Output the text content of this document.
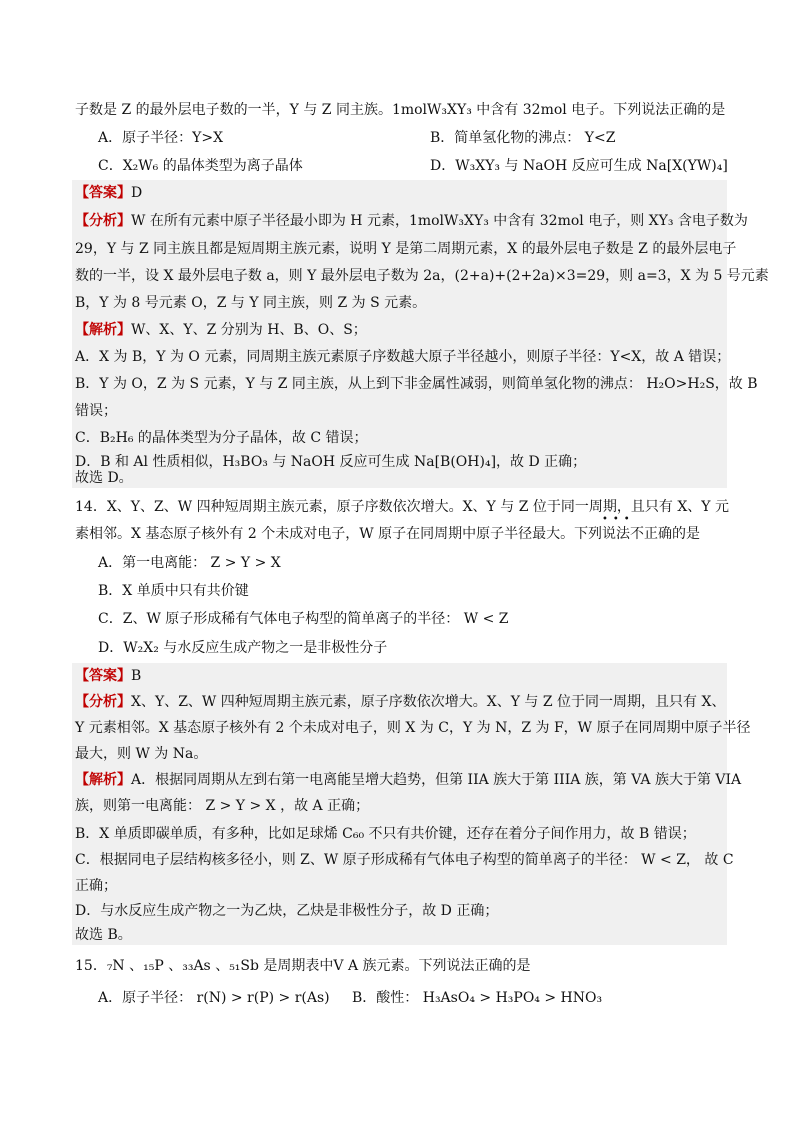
子数是 Z 的最外层电子数的一半，Y 与 Z 同主族。1molW₃XY₃ 中含有 32mol 电子。下列说法正确的是
A．原子半径：Y>X	B．简单氢化物的沸点： Y<Z
C．X₂W₆ 的晶体类型为离子晶体	D．W₃XY₃ 与 NaOH 反应可生成 Na[X(YW)₄]
【答案】D
【分析】W 在所有元素中原子半径最小即为 H 元素，1molW₃XY₃ 中含有 32mol 电子，则 XY₃ 含电子数为
29，Y 与 Z 同主族且都是短周期主族元素，说明 Y 是第二周期元素，X 的最外层电子数是 Z 的最外层电子
数的一半，设 X 最外层电子数 a，则 Y 最外层电子数为 2a，(2+a)+(2+2a)×3=29，则 a=3，X 为 5 号元素
B，Y 为 8 号元素 O，Z 与 Y 同主族，则 Z 为 S 元素。
【解析】W、X、Y、Z 分别为 H、B、O、S；
A．X 为 B，Y 为 O 元素，同周期主族元素原子序数越大原子半径越小，则原子半径：Y<X，故 A 错误；
B．Y 为 O，Z 为 S 元素，Y 与 Z 同主族，从上到下非金属性减弱，则简单氢化物的沸点： H₂O>H₂S，故 B
错误；
C．B₂H₆ 的晶体类型为分子晶体，故 C 错误；
D．B 和 Al 性质相似，H₃BO₃ 与 NaOH 反应可生成 Na[B(OH)₄]，故 D 正确；
故选 D。
14．X、Y、Z、W 四种短周期主族元素，原子序数依次增大。X、Y 与 Z 位于同一周期，且只有 X、Y 元
素相邻。X 基态原子核外有 2 个未成对电子，W 原子在同周期中原子半径最大。下列说法不正确的是
•••
A．第一电离能： Z > Y > X
B．X 单质中只有共价键
C．Z、W 原子形成稀有气体电子构型的简单离子的半径： W < Z
D．W₂X₂ 与水反应生成产物之一是非极性分子
【答案】B
【分析】X、Y、Z、W 四种短周期主族元素，原子序数依次增大。X、Y 与 Z 位于同一周期，且只有 X、
Y 元素相邻。X 基态原子核外有 2 个未成对电子，则 X 为 C，Y 为 N，Z 为 F，W 原子在同周期中原子半径
最大，则 W 为 Na。
【解析】A．根据同周期从左到右第一电离能呈增大趋势，但第 IIA 族大于第 IIIA 族，第 VA 族大于第 VIA
族，则第一电离能： Z > Y > X ，故 A 正确；
B．X 单质即碳单质，有多种，比如足球烯 C₆₀ 不只有共价键，还存在着分子间作用力，故 B 错误；
C．根据同电子层结构核多径小，则 Z、W 原子形成稀有气体电子构型的简单离子的半径： W < Z， 故 C
正确；
D．与水反应生成产物之一为乙炔，乙炔是非极性分子，故 D 正确；
故选 B。
15．₇N 、₁₅P 、₃₃As 、₅₁Sb 是周期表中Ⅴ A 族元素。下列说法正确的是
A．原子半径： r(N) > r(P) > r(As) B．酸性： H₃AsO₄ > H₃PO₄ > HNO₃
